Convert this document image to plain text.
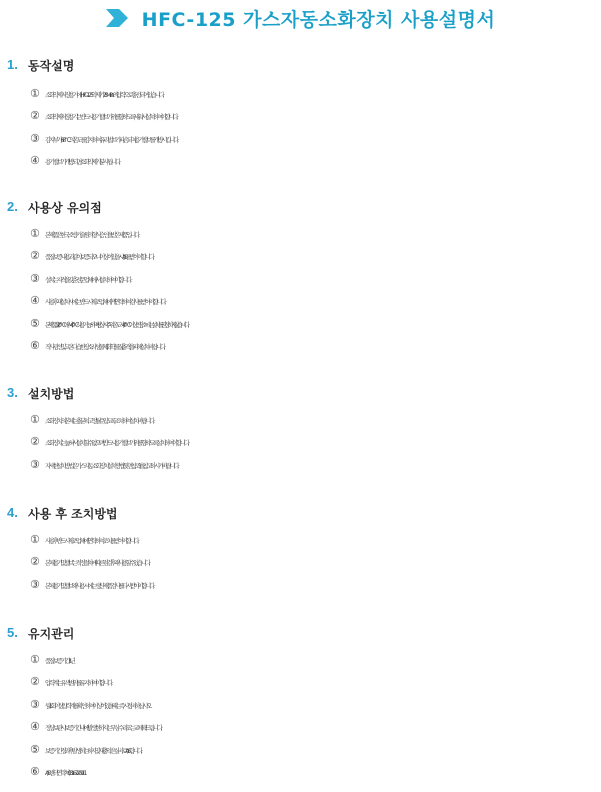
HFC-125 가스자동소화장치 사용설명서
1. 동작설명
① 소화약제저장용기에 HFC-125 약제가 2.5MPa의 압력으로 충전되어 있습니다.
② 소화약제 저장용기는 반드시 용기밸브가 위를 향하도록 세워서 설치하여야 합니다.
③ 감지부가 68℃의 온도를 감지하여 유리벌브가 파손되며, 용기밸브를 개방시킵니다.
④ 용기밸브가 개방되면 소화약제가 분사됩니다.
2. 사용상 유의점
① 본 제품은 한국소방기술원의 형식승인을 받은 제품입니다.
② 품질보증내용과 같이 보증되오니 이상이 있을 시 A/S를 받아야 합니다.
③ 설치는 자격을 갖춘 전문업체에서 설치하여야 합니다.
④ 사용 후 재설치 시에는 반드시 제조업체에게 연락하여 검사를 받아야 합니다.
⑤ 본 제품은 -20℃에서 40℃ 사용가능하며 평상시 주위온도가 40℃이상인 장소에는 설치를 권장하지 않습니다.
⑥ 직사광선 및 고온다습한 장소, 자성물체, 화학물질, 충격을 피해 설치바랍니다.
3. 설치방법
① 소화장치의 본체는 충분히 고정될 수 있도록 조치하여 설치바랍니다.
② 소화장치는 눕혀서 설치할 수 없으며 반드시 용기밸브가 위를 향하도록 설치하여야 합니다.
③ 자세한 설치방법은 가스자동소화장치 설치방법(뒷면참조)을 참고 하시기 바랍니다.
4. 사용 후 조치방법
① 사용 후 반드시 제조업체에 연락하여 조치를 받아야 합니다.
② 본체용기 및 밸브는 적정절차에 따른 점검 후 재사용할 수 있습니다.
③ 본체용기 및 밸브 재사용시에는 생산제품검사를 다시 받아야 합니다.
5. 유지관리
① 품질보증기간 : 1년
② 압력계는 유색범위를 유지하여야 합니다.
③ 월 1회 이상 압력계를 확인하여 이상이 있을 때는 즉시 정비 하십시오.
④ 정상보관 시 보증기간 내에 발생한 하자는 무상수리 또는 교체해드립니다.
⑤ 보증기간 경과 후 발생하는 하자 및 재충약은 실비로 A/S합니다.
⑥ A/S센터 연락처 : 031-672-0911
